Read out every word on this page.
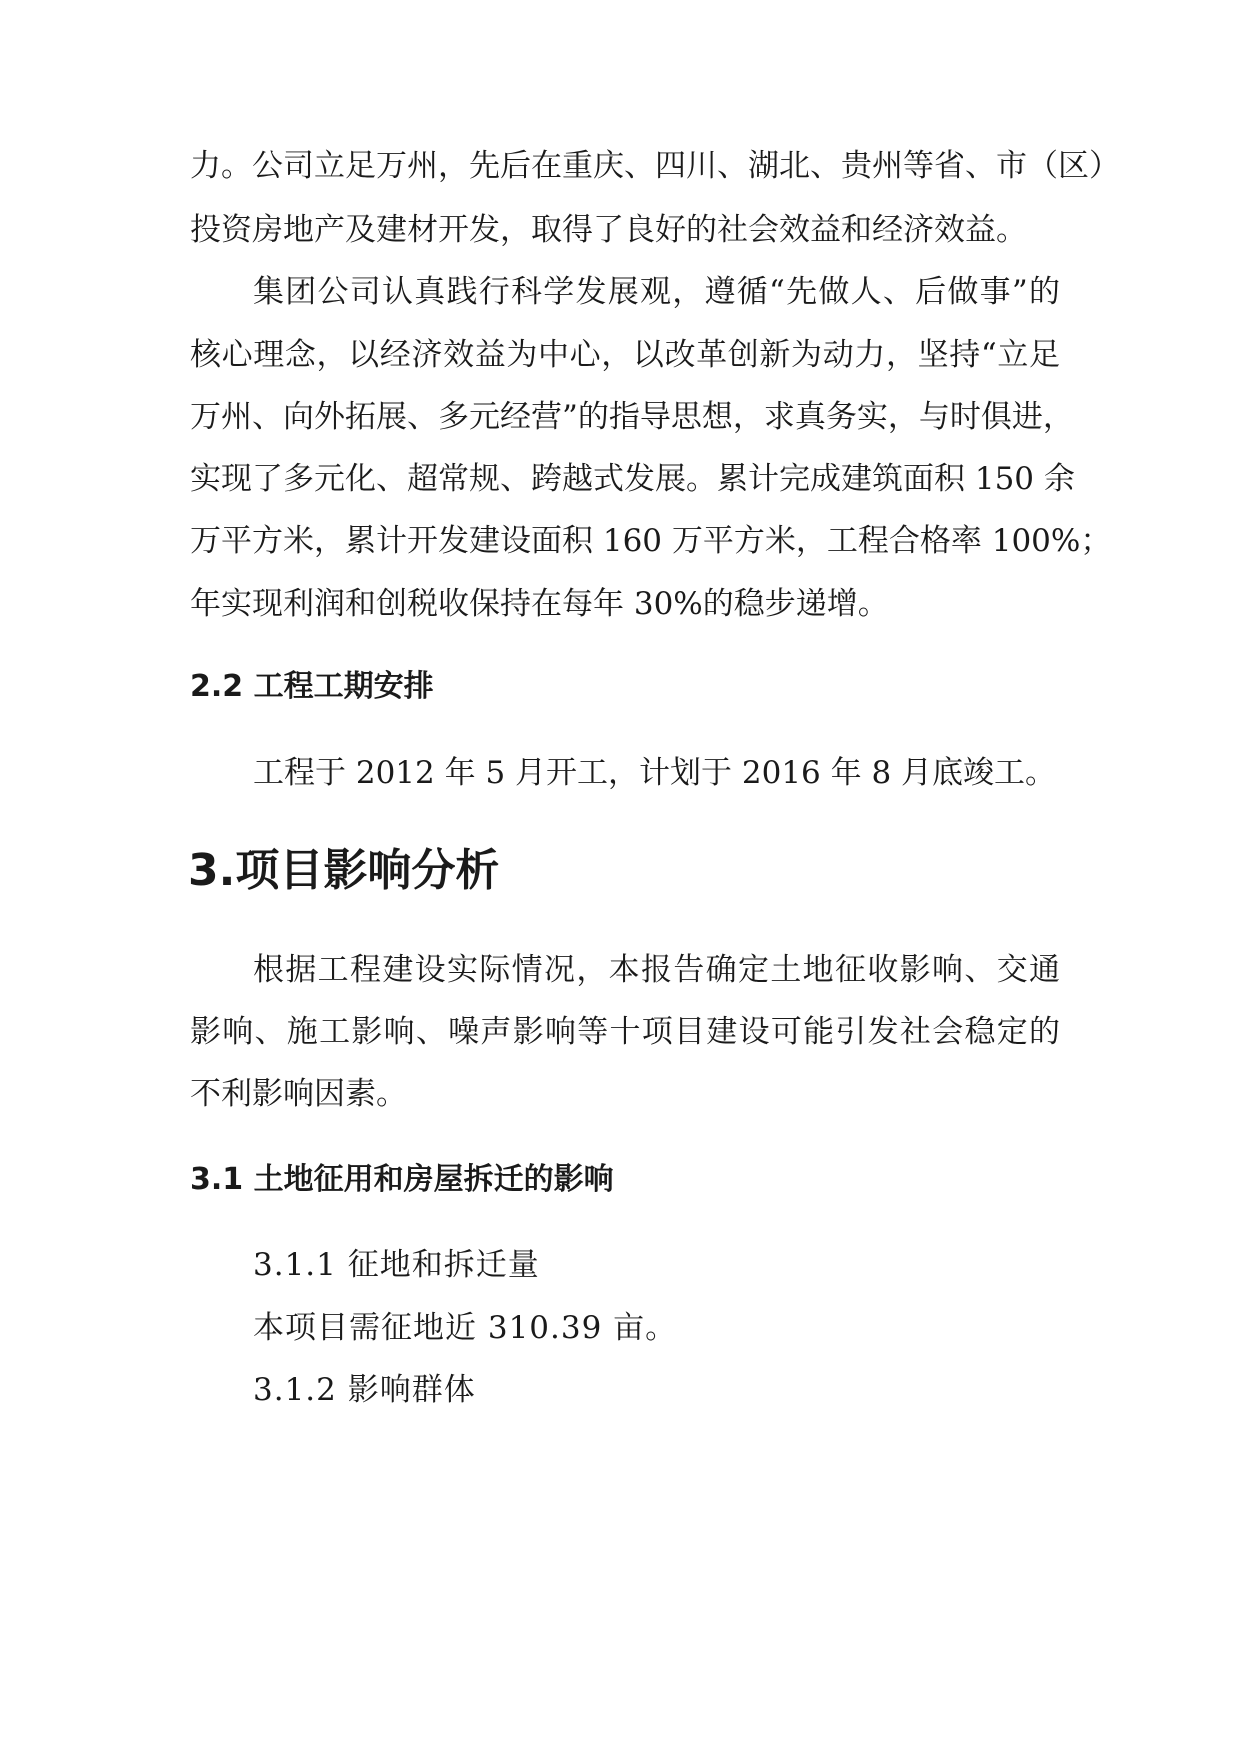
力。公司立足万州，先后在重庆、四川、湖北、贵州等省、市（区）
投资房地产及建材开发，取得了良好的社会效益和经济效益。
集团公司认真践行科学发展观，遵循“先做人、后做事”的
核心理念，以经济效益为中心，以改革创新为动力，坚持“立足
万州、向外拓展、多元经营”的指导思想，求真务实，与时俱进，
实现了多元化、超常规、跨越式发展。累计完成建筑面积 150 余
万平方米，累计开发建设面积 160 万平方米，工程合格率 100%；
年实现利润和创税收保持在每年 30%的稳步递增。
2.2 工程工期安排
工程于 2012 年 5 月开工，计划于 2016 年 8 月底竣工。
3.项目影响分析
根据工程建设实际情况，本报告确定土地征收影响、交通
影响、施工影响、噪声影响等十项目建设可能引发社会稳定的
不利影响因素。
3.1 土地征用和房屋拆迁的影响
3.1.1 征地和拆迁量
本项目需征地近 310.39 亩。
3.1.2 影响群体
